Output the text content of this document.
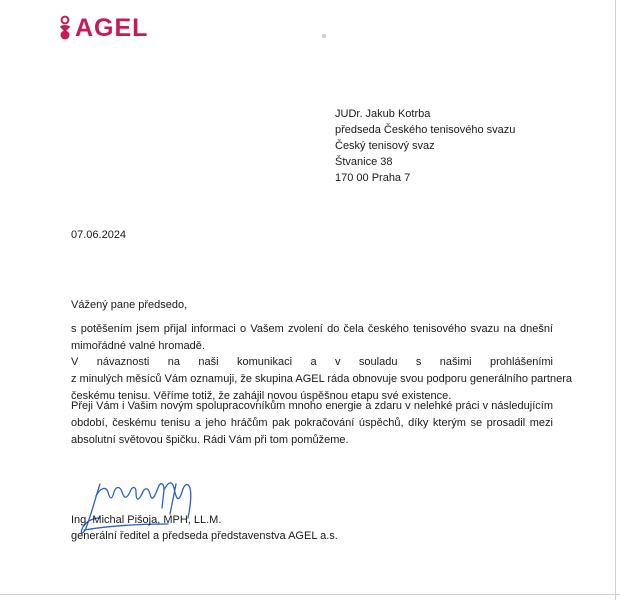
AGEL
JUDr. Jakub Kotrba
předseda Českého tenisového svazu
Český tenisový svaz
Štvanice 38
170 00 Praha 7
07.06.2024
Vážený pane předsedo,
s potěšením jsem přijal informaci o Vašem zvolení do čela českého tenisového svazu na dnešní
mimořádné valné hromadě.
V návaznosti na naši komunikaci a v souladu s našimi prohlášeními
z minulých měsíců Vám oznamuji, že skupina AGEL ráda obnovuje svou podporu generálního partnera
českému tenisu. Věříme totiž, že zahájil novou úspěšnou etapu své existence.
Přeji Vám i Vašim novým spolupracovníkům mnoho energie a zdaru v nelehké práci v následujícím
období, českému tenisu a jeho hráčům pak pokračování úspěchů, díky kterým se prosadil mezi
absolutní světovou špičku. Rádi Vám při tom pomůžeme.
Ing. Michal Pišoja, MPH, LL.M.
generální ředitel a předseda představenstva AGEL a.s.
